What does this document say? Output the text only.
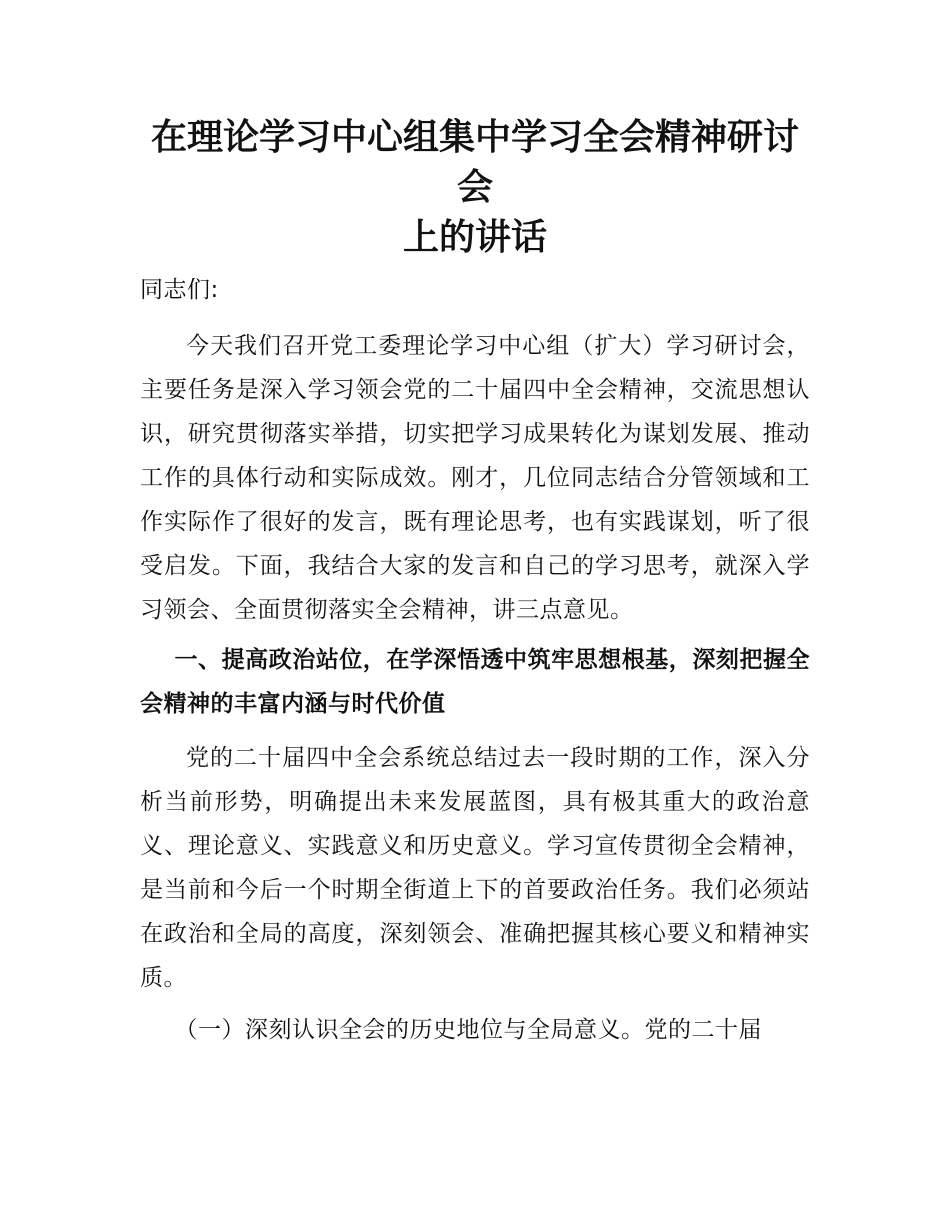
在理论学习中心组集中学习全会精神研讨会
上的讲话

同志们:

今天我们召开党工委理论学习中心组（扩大）学习研讨会，主要任务是深入学习领会党的二十届四中全会精神，交流思想认识，研究贯彻落实举措，切实把学习成果转化为谋划发展、推动工作的具体行动和实际成效。刚才，几位同志结合分管领域和工作实际作了很好的发言，既有理论思考，也有实践谋划，听了很受启发。下面，我结合大家的发言和自己的学习思考，就深入学习领会、全面贯彻落实全会精神，讲三点意见。

一、提高政治站位，在学深悟透中筑牢思想根基，深刻把握全会精神的丰富内涵与时代价值

党的二十届四中全会系统总结过去一段时期的工作，深入分析当前形势，明确提出未来发展蓝图，具有极其重大的政治意义、理论意义、实践意义和历史意义。学习宣传贯彻全会精神，是当前和今后一个时期全街道上下的首要政治任务。我们必须站在政治和全局的高度，深刻领会、准确把握其核心要义和精神实质。

（一）深刻认识全会的历史地位与全局意义。党的二十届
